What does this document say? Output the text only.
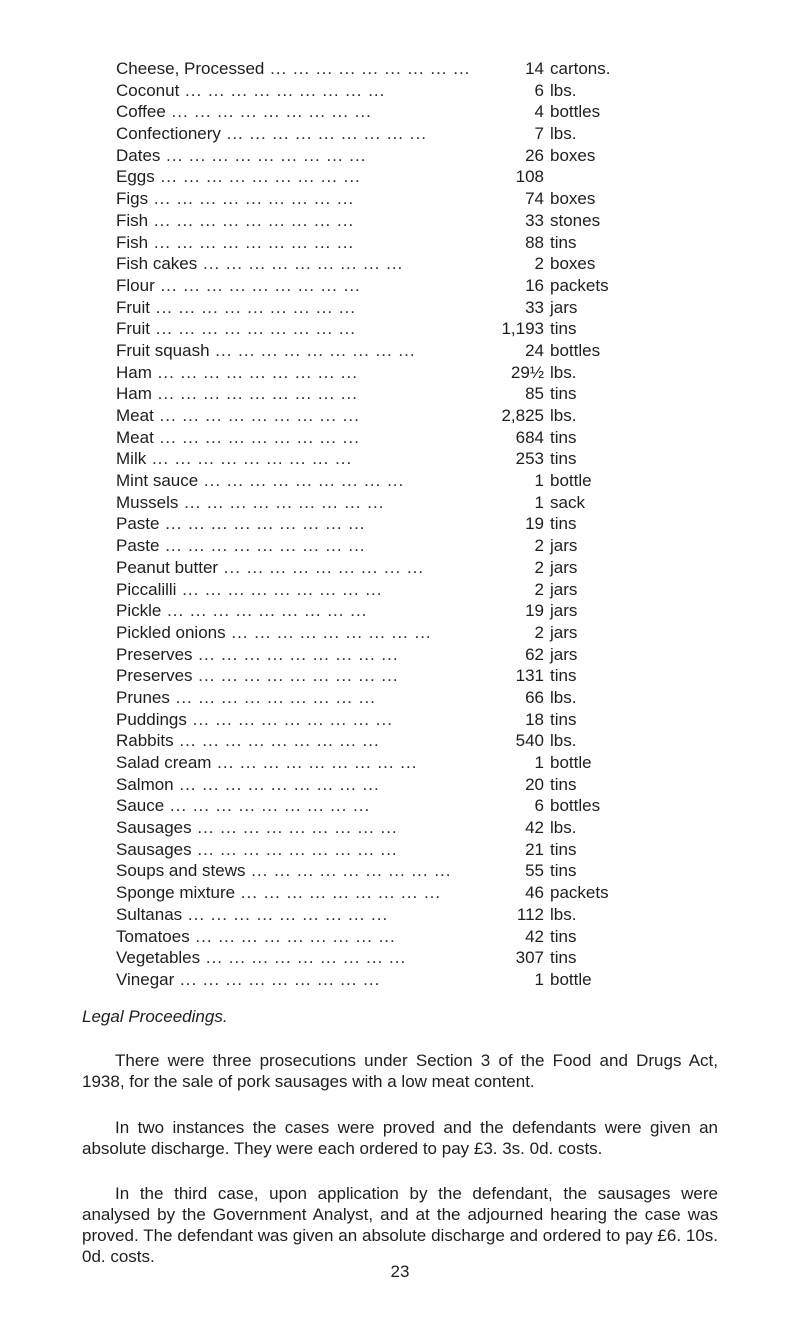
Cheese, Processed ... ... ... ... ... ... ... ... ...	14 cartons.
Coconut ... ... ... ... ... ... ... ... ...	6 lbs.
Coffee ... ... ... ... ... ... ... ... ...	4 bottles
Confectionery ... ... ... ... ... ... ... ... ...	7 lbs.
Dates ... ... ... ... ... ... ... ... ...	26 boxes
Eggs ... ... ... ... ... ... ... ... ...	108
Figs ... ... ... ... ... ... ... ... ...	74 boxes
Fish ... ... ... ... ... ... ... ... ...	33 stones
Fish ... ... ... ... ... ... ... ... ...	88 tins
Fish cakes ... ... ... ... ... ... ... ... ...	2 boxes
Flour ... ... ... ... ... ... ... ... ...	16 packets
Fruit ... ... ... ... ... ... ... ... ...	33 jars
Fruit ... ... ... ... ... ... ... ... ...	1,193 tins
Fruit squash ... ... ... ... ... ... ... ... ...	24 bottles
Ham ... ... ... ... ... ... ... ... ...	29½ lbs.
Ham ... ... ... ... ... ... ... ... ...	85 tins
Meat ... ... ... ... ... ... ... ... ...	2,825 lbs.
Meat ... ... ... ... ... ... ... ... ...	684 tins
Milk ... ... ... ... ... ... ... ... ...	253 tins
Mint sauce ... ... ... ... ... ... ... ... ...	1 bottle
Mussels ... ... ... ... ... ... ... ... ...	1 sack
Paste ... ... ... ... ... ... ... ... ...	19 tins
Paste ... ... ... ... ... ... ... ... ...	2 jars
Peanut butter ... ... ... ... ... ... ... ... ...	2 jars
Piccalilli ... ... ... ... ... ... ... ... ...	2 jars
Pickle ... ... ... ... ... ... ... ... ...	19 jars
Pickled onions ... ... ... ... ... ... ... ... ...	2 jars
Preserves ... ... ... ... ... ... ... ... ...	62 jars
Preserves ... ... ... ... ... ... ... ... ...	131 tins
Prunes ... ... ... ... ... ... ... ... ...	66 lbs.
Puddings ... ... ... ... ... ... ... ... ...	18 tins
Rabbits ... ... ... ... ... ... ... ... ...	540 lbs.
Salad cream ... ... ... ... ... ... ... ... ...	1 bottle
Salmon ... ... ... ... ... ... ... ... ...	20 tins
Sauce ... ... ... ... ... ... ... ... ...	6 bottles
Sausages ... ... ... ... ... ... ... ... ...	42 lbs.
Sausages ... ... ... ... ... ... ... ... ...	21 tins
Soups and stews ... ... ... ... ... ... ... ... ...	55 tins
Sponge mixture ... ... ... ... ... ... ... ... ...	46 packets
Sultanas ... ... ... ... ... ... ... ... ...	112 lbs.
Tomatoes ... ... ... ... ... ... ... ... ...	42 tins
Vegetables ... ... ... ... ... ... ... ... ...	307 tins
Vinegar ... ... ... ... ... ... ... ... ...	1 bottle
Legal Proceedings.

There were three prosecutions under Section 3 of the Food and Drugs Act, 1938, for the sale of pork sausages with a low meat content.

In two instances the cases were proved and the defendants were given an absolute discharge. They were each ordered to pay £3. 3s. 0d. costs.

In the third case, upon application by the defendant, the sausages were analysed by the Government Analyst, and at the adjourned hearing the case was proved. The defendant was given an absolute discharge and ordered to pay £6. 10s. 0d. costs.

23
